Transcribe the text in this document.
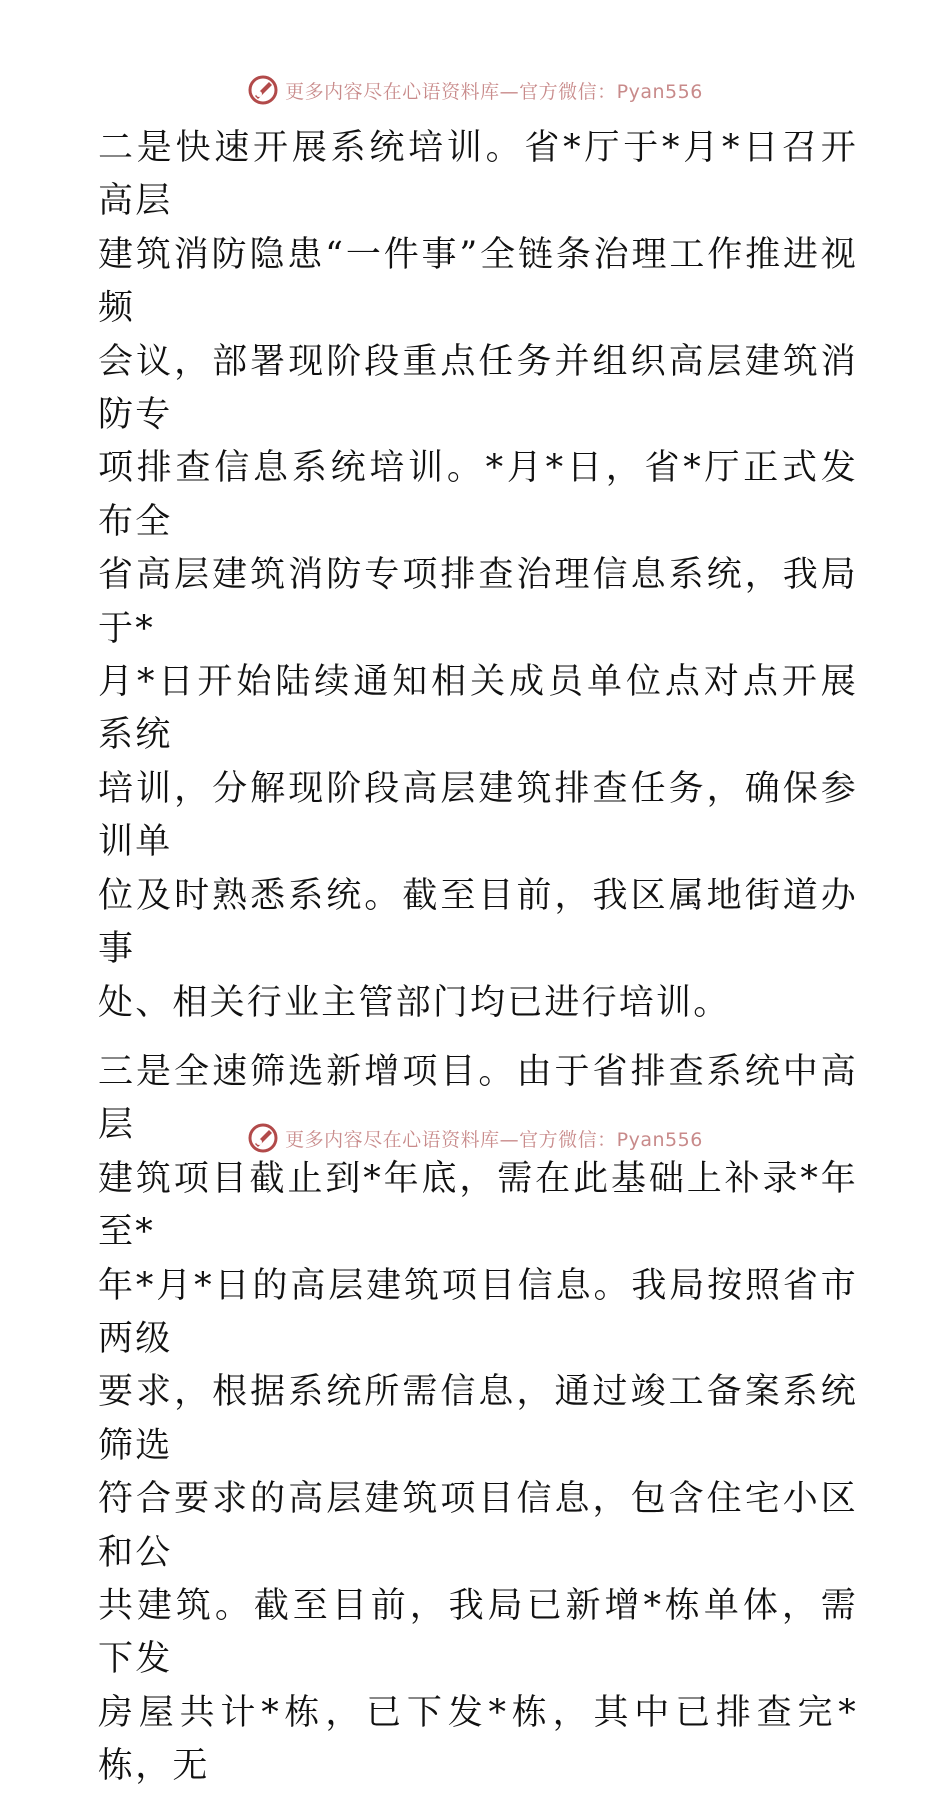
更多内容尽在心语资料库—官方微信：Pyan556

二是快速开展系统培训。省*厅于*月*日召开高层
建筑消防隐患“一件事”全链条治理工作推进视频
会议，部署现阶段重点任务并组织高层建筑消防专
项排查信息系统培训。*月*日，省*厅正式发布全
省高层建筑消防专项排查治理信息系统，我局于*
月*日开始陆续通知相关成员单位点对点开展系统
培训，分解现阶段高层建筑排查任务，确保参训单
位及时熟悉系统。截至目前，我区属地街道办事
处、相关行业主管部门均已进行培训。

三是全速筛选新增项目。由于省排查系统中高层
建筑项目截止到*年底，需在此基础上补录*年至*
年*月*日的高层建筑项目信息。我局按照省市两级
要求，根据系统所需信息，通过竣工备案系统筛选
符合要求的高层建筑项目信息，包含住宅小区和公
共建筑。截至目前，我局已新增*栋单体，需下发
房屋共计*栋，已下发*栋，其中已排查完*栋，无

更多内容尽在心语资料库—官方微信：Pyan556
